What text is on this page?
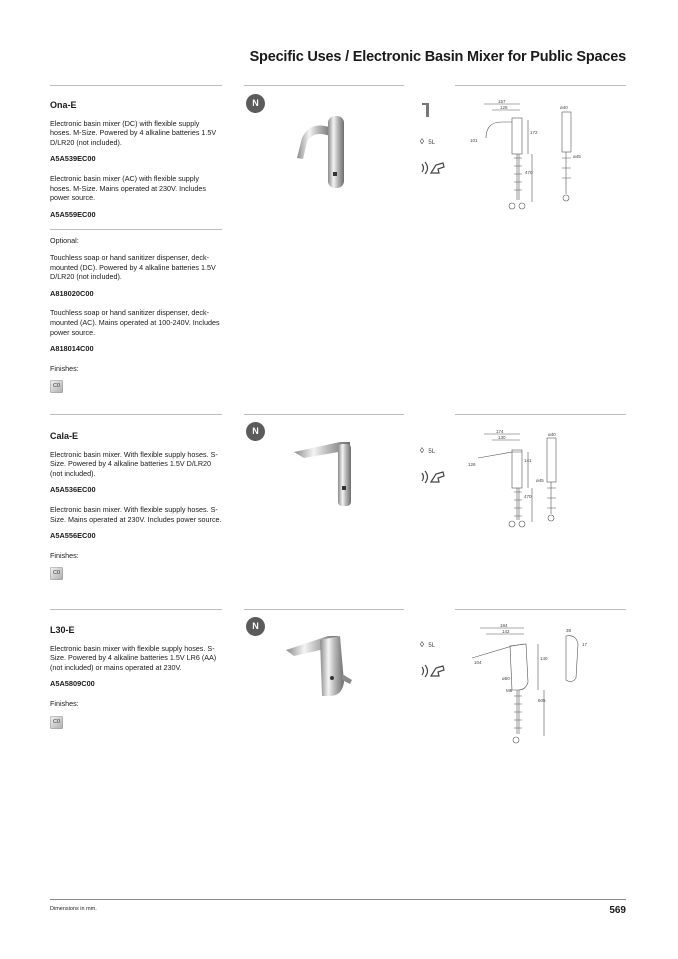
Specific Uses / Electronic Basin Mixer for Public Spaces
Ona-E

Electronic basin mixer (DC) with flexible supply hoses. M-Size. Powered by 4 alkaline batteries 1.5V D/LR20 (not included).

A5A539EC00

Electronic basin mixer (AC) with flexible supply hoses. M-Size. Mains operated at 230V. Includes power source.

A5A559EC00

Optional:

Touchless soap or hand sanitizer dispenser, deck-mounted (DC). Powered by 4 alkaline batteries 1.5V D/LR20 (not included).

A818020C00

Touchless soap or hand sanitizer dispenser, deck-mounted (AC). Mains operated at 100-240V. Includes power source.

A818014C00

Finishes:

C0
N
◊ 5L
157
125
101
172
470
ø40
ø45
Cala-E

Electronic basin mixer. With flexible supply hoses. S-Size. Powered by 4 alkaline batteries 1.5V D/LR20 (not included).

A5A536EC00

Electronic basin mixer. With flexible supply hoses. S-Size. Mains operated at 230V. Includes power source.

A5A556EC00

Finishes:

C0
N
◊ 5L
174
130
126
141
470
ø40
ø45
L30-E

Electronic basin mixer with flexible supply hoses. S-Size. Powered by 4 alkaline batteries 1.5V LR6 (AA) (not included) or mains operated at 230V.

A5A5809C00

Finishes:

C0
N
◊ 5L
184
142
104
140
605
38
17
ø50
M8
Dimensions in mm.	569
